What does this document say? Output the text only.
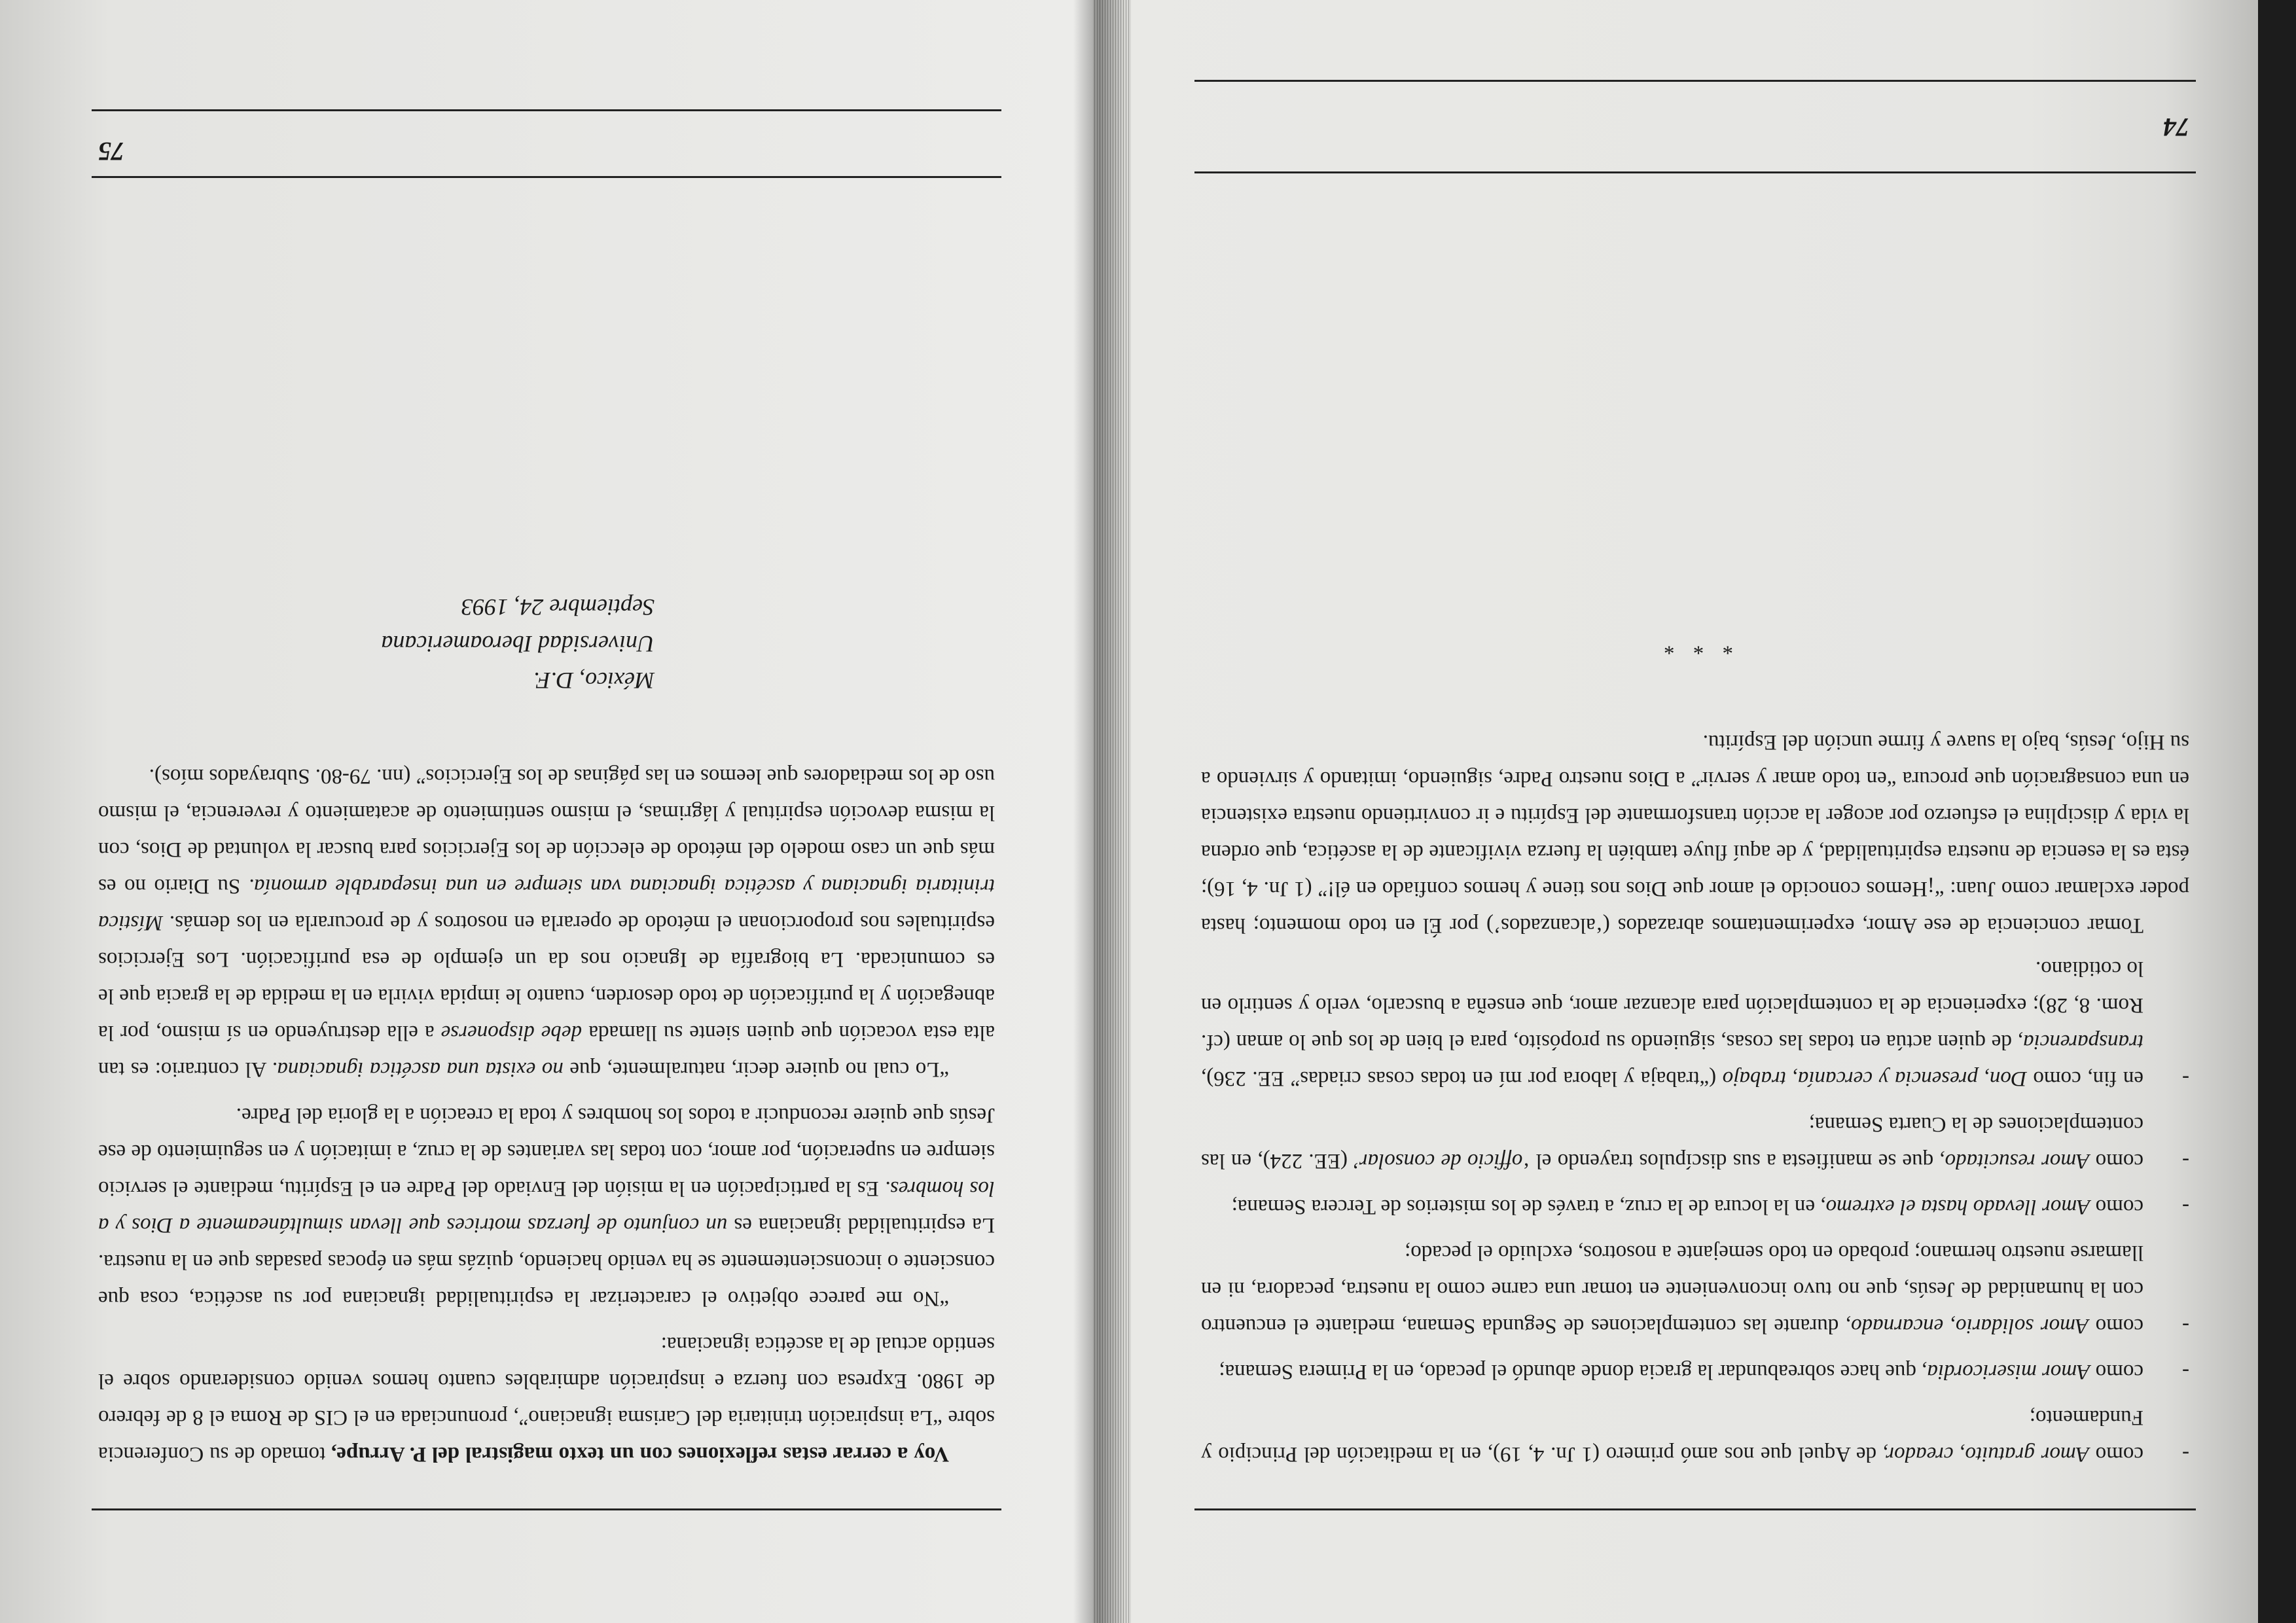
Voy a cerrar estas reflexiones con un texto magistral del P. Arrupe, tomado de su Conferencia sobre “La inspiración trinitaria del Carisma ignaciano”, pronunciada en el CIS de Roma el 8 de febrero de 1980. Expresa con fuerza e inspiración admirables cuanto hemos venido considerando sobre el sentido actual de la ascética ignaciana:

“No me parece objetivo el caracterizar la espiritualidad ignaciana por su ascética, cosa que consciente o inconscientemente se ha venido haciendo, quizás más en épocas pasadas que en la nuestra. La espiritualidad ignaciana es un conjunto de fuerzas motrices que llevan simultáneamente a Dios y a los hombres. Es la participación en la misión del Enviado del Padre en el Espíritu, mediante el servicio siempre en superación, por amor, con todas las variantes de la cruz, a imitación y en seguimiento de ese Jesús que quiere reconducir a todos los hombres y toda la creación a la gloria del Padre.

“Lo cual no quiere decir, naturalmente, que no exista una ascética ignaciana. Al contrario: es tan alta esta vocación que quien siente su llamada debe disponerse a ella destruyendo en sí mismo, por la abnegación y la purificación de todo desorden, cuanto le impida vivirla en la medida de la gracia que le es comunicada. La biografía de Ignacio nos da un ejemplo de esa purificación. Los Ejercicios espirituales nos proporcionan el método de operarla en nosotros y de procurarla en los demás. Mística trinitaria ignaciana y ascética ignaciana van siempre en una inseparable armonía. Su Diario no es más que un caso modelo del método de elección de los Ejercicios para buscar la voluntad de Dios, con la misma devoción espiritual y lágrimas, el mismo sentimiento de acatamiento y reverencia, el mismo uso de los mediadores que leemos en las páginas de los Ejercicios” (nn. 79-80. Subrayados míos).

México, D.F.
Universidad Iberoamericana
Septiembre 24, 1993
75
- como Amor gratuito, creador, de Aquel que nos amó primero (1 Jn. 4, 19), en la meditación del Principio y Fundamento;
- como Amor misericordia, que hace sobreabundar la gracia donde abundó el pecado, en la Primera Semana;
- como Amor solidario, encarnado, durante las contemplaciones de Segunda Semana, mediante el encuentro con la humanidad de Jesús, que no tuvo inconveniente en tomar una carne como la nuestra, pecadora, ni en llamarse nuestro hermano; probado en todo semejante a nosotros, excluido el pecado;
- como Amor llevado hasta el extremo, en la locura de la cruz, a través de los misterios de Tercera Semana;
- como Amor resucitado, que se manifiesta a sus discípulos trayendo el ‘officio de consolar’ (EE. 224), en las contemplaciones de la Cuarta Semana;
- en fin, como Don, presencia y cercanía, trabajo (“trabaja y labora por mí en todas cosas criadas” EE. 236), transparencia, de quien actúa en todas las cosas, siguiendo su propósito, para el bien de los que lo aman (cf. Rom. 8, 28); experiencia de la contemplación para alcanzar amor, que enseña a buscarlo, verlo y sentirlo en lo cotidiano.

Tomar conciencia de ese Amor, experimentamos abrazados (‘alcanzados’) por Él en todo momento; hasta poder exclamar como Juan: “¡Hemos conocido el amor que Dios nos tiene y hemos confiado en él!” (1 Jn. 4, 16); ésta es la esencia de nuestra espiritualidad, y de aquí fluye también la fuerza vivificante de la ascética, que ordena la vida y disciplina el esfuerzo por acoger la acción transformante del Espíritu e ir convirtiendo nuestra existencia en una consagración que procura “en todo amar y servir” a Dios nuestro Padre, siguiendo, imitando y sirviendo a su Hijo, Jesús, bajo la suave y firme unción del Espíritu.

* * *

74
